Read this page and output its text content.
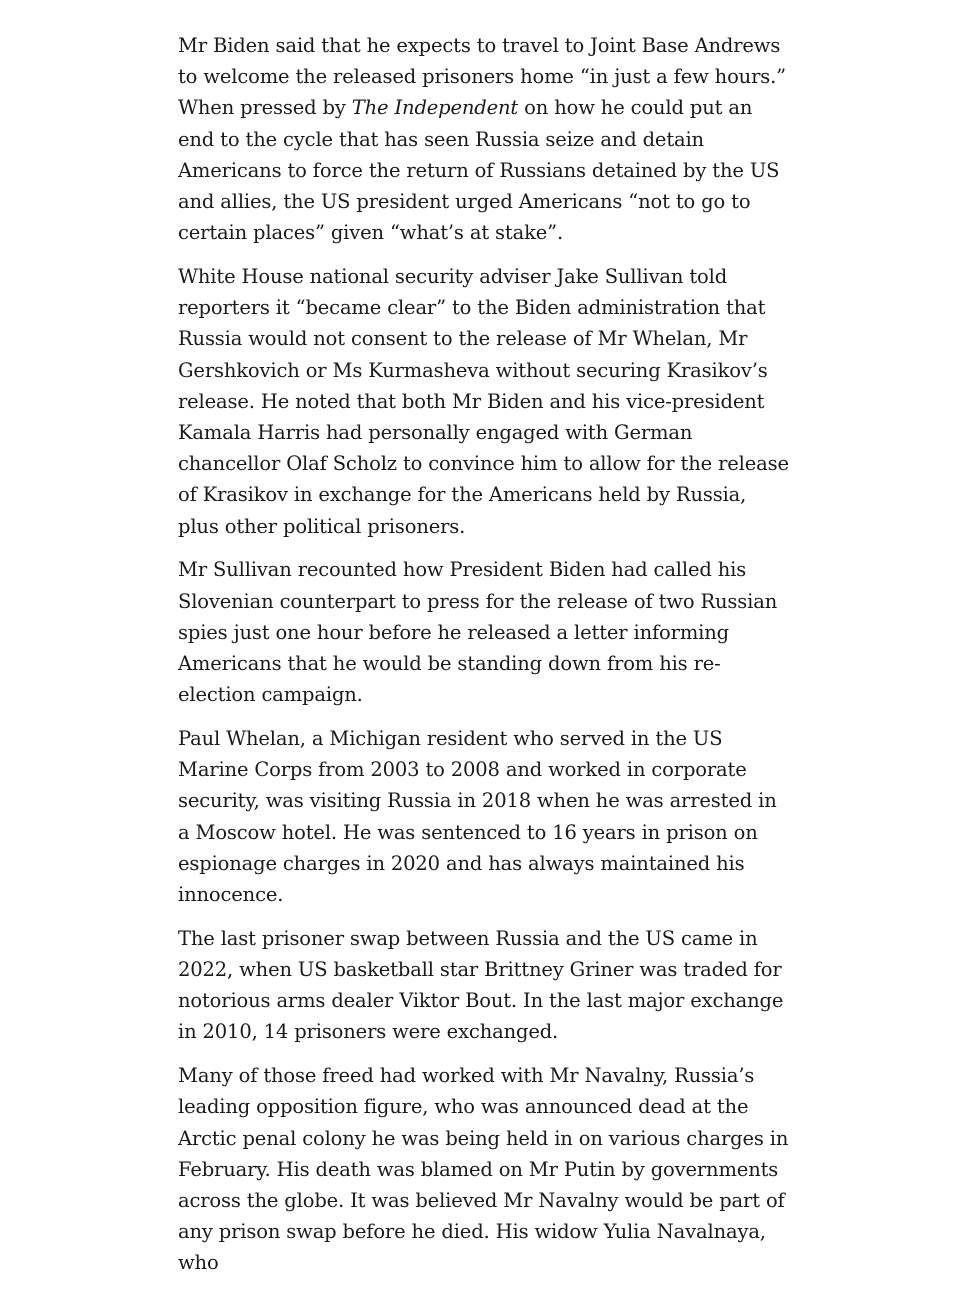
Mr Biden said that he expects to travel to Joint Base Andrews to welcome the released prisoners home “in just a few hours.” When pressed by The Independent on how he could put an end to the cycle that has seen Russia seize and detain Americans to force the return of Russians detained by the US and allies, the US president urged Americans “not to go to certain places” given “what’s at stake”.

White House national security adviser Jake Sullivan told reporters it “became clear” to the Biden administration that Russia would not consent to the release of Mr Whelan, Mr Gershkovich or Ms Kurmasheva without securing Krasikov’s release. He noted that both Mr Biden and his vice-president Kamala Harris had personally engaged with German chancellor Olaf Scholz to convince him to allow for the release of Krasikov in exchange for the Americans held by Russia, plus other political prisoners.

Mr Sullivan recounted how President Biden had called his Slovenian counterpart to press for the release of two Russian spies just one hour before he released a letter informing Americans that he would be standing down from his re-election campaign.

Paul Whelan, a Michigan resident who served in the US Marine Corps from 2003 to 2008 and worked in corporate security, was visiting Russia in 2018 when he was arrested in a Moscow hotel. He was sentenced to 16 years in prison on espionage charges in 2020 and has always maintained his innocence.

The last prisoner swap between Russia and the US came in 2022, when US basketball star Brittney Griner was traded for notorious arms dealer Viktor Bout. In the last major exchange in 2010, 14 prisoners were exchanged.

Many of those freed had worked with Mr Navalny, Russia’s leading opposition figure, who was announced dead at the Arctic penal colony he was being held in on various charges in February. His death was blamed on Mr Putin by governments across the globe. It was believed Mr Navalny would be part of any prison swap before he died. His widow Yulia Navalnaya, who
